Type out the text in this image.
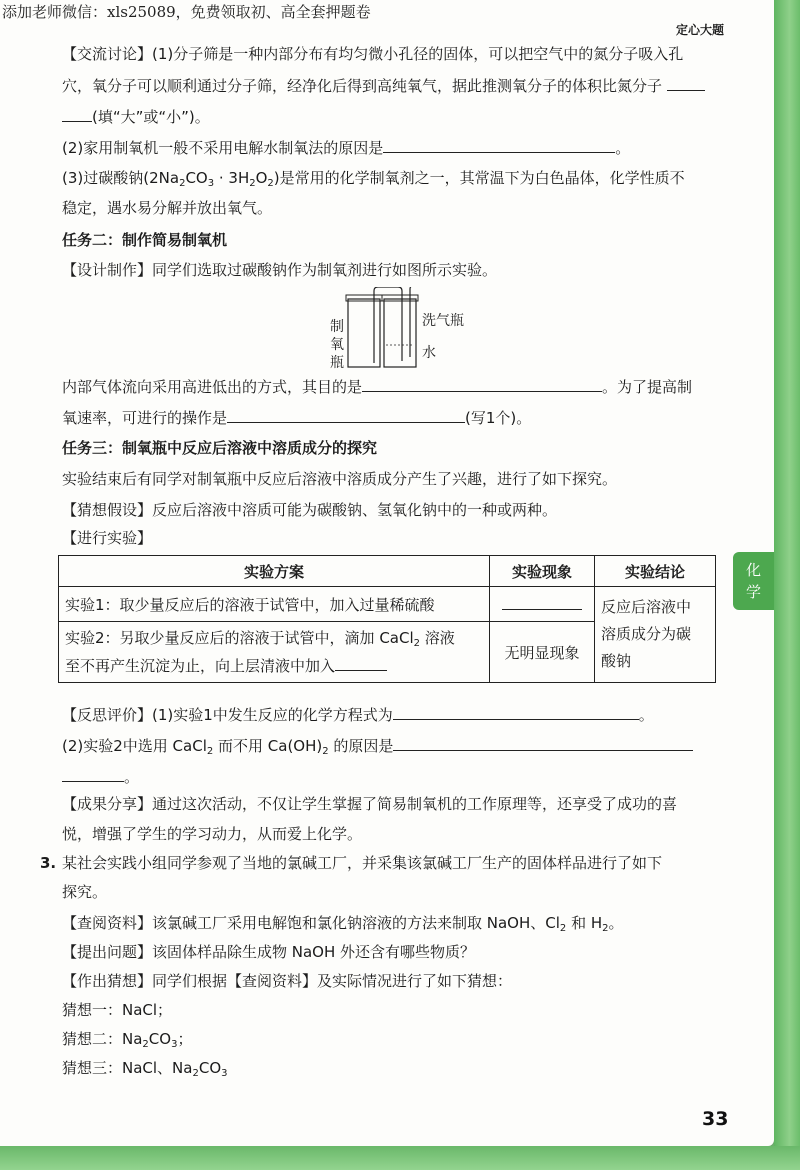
添加老师微信：xls25089，免费领取初、高全套押题卷
定心大题
【交流讨论】(1)分子筛是一种内部分布有均匀微小孔径的固体，可以把空气中的氮分子吸入孔
穴，氧分子可以顺利通过分子筛，经净化后得到高纯氧气，据此推测氧分子的体积比氮分子
(填“大”或“小”)。
(2)家用制氧机一般不采用电解水制氧法的原因是	。
(3)过碳酸钠$(2Na_2CO_3 \cdot 3H_2O_2)$是常用的化学制氧剂之一，其常温下为白色晶体，化学性质不
稳定，遇水易分解并放出氧气。
任务二：制作简易制氧机
【设计制作】同学们选取过碳酸钠作为制氧剂进行如图所示实验。
制
氧
瓶
洗气瓶
水
内部气体流向采用高进低出的方式，其目的是	。为了提高制
氧速率，可进行的操作是	(写1个)。
任务三：制氧瓶中反应后溶液中溶质成分的探究
实验结束后有同学对制氧瓶中反应后溶液中溶质成分产生了兴趣，进行了如下探究。
【猜想假设】反应后溶液中溶质可能为碳酸钠、氢氧化钠中的一种或两种。
【进行实验】
化
学
实验方案	实验现象	实验结论
实验1：取少量反应后的溶液于试管中，加入过量稀硫酸		反应后溶液中
溶质成分为碳
酸钠

实验2：另取少量反应后的溶液于试管中，滴加 CaCl$_2$ 溶液
至不再产生沉淀为止，向上层清液中加入	无明显现象	
【反思评价】(1)实验1中发生反应的化学方程式为	。
(2)实验2中选用 CaCl$_2$ 而不用 $Ca(OH)_2$ 的原因是
。
【成果分享】通过这次活动，不仅让学生掌握了简易制氧机的工作原理等，还享受了成功的喜
悦，增强了学生的学习动力，从而爱上化学。
3. 某社会实践小组同学参观了当地的氯碱工厂，并采集该氯碱工厂生产的固体样品进行了如下
探究。
【查阅资料】该氯碱工厂采用电解饱和氯化钠溶液的方法来制取 NaOH、$Cl_2$ 和 $H_2$。
【提出问题】该固体样品除生成物 NaOH 外还含有哪些物质？
【作出猜想】同学们根据【查阅资料】及实际情况进行了如下猜想：
猜想一：NaCl；
猜想二：$Na_2CO_3$；
猜想三：NaCl、$Na_2CO_3$
33
